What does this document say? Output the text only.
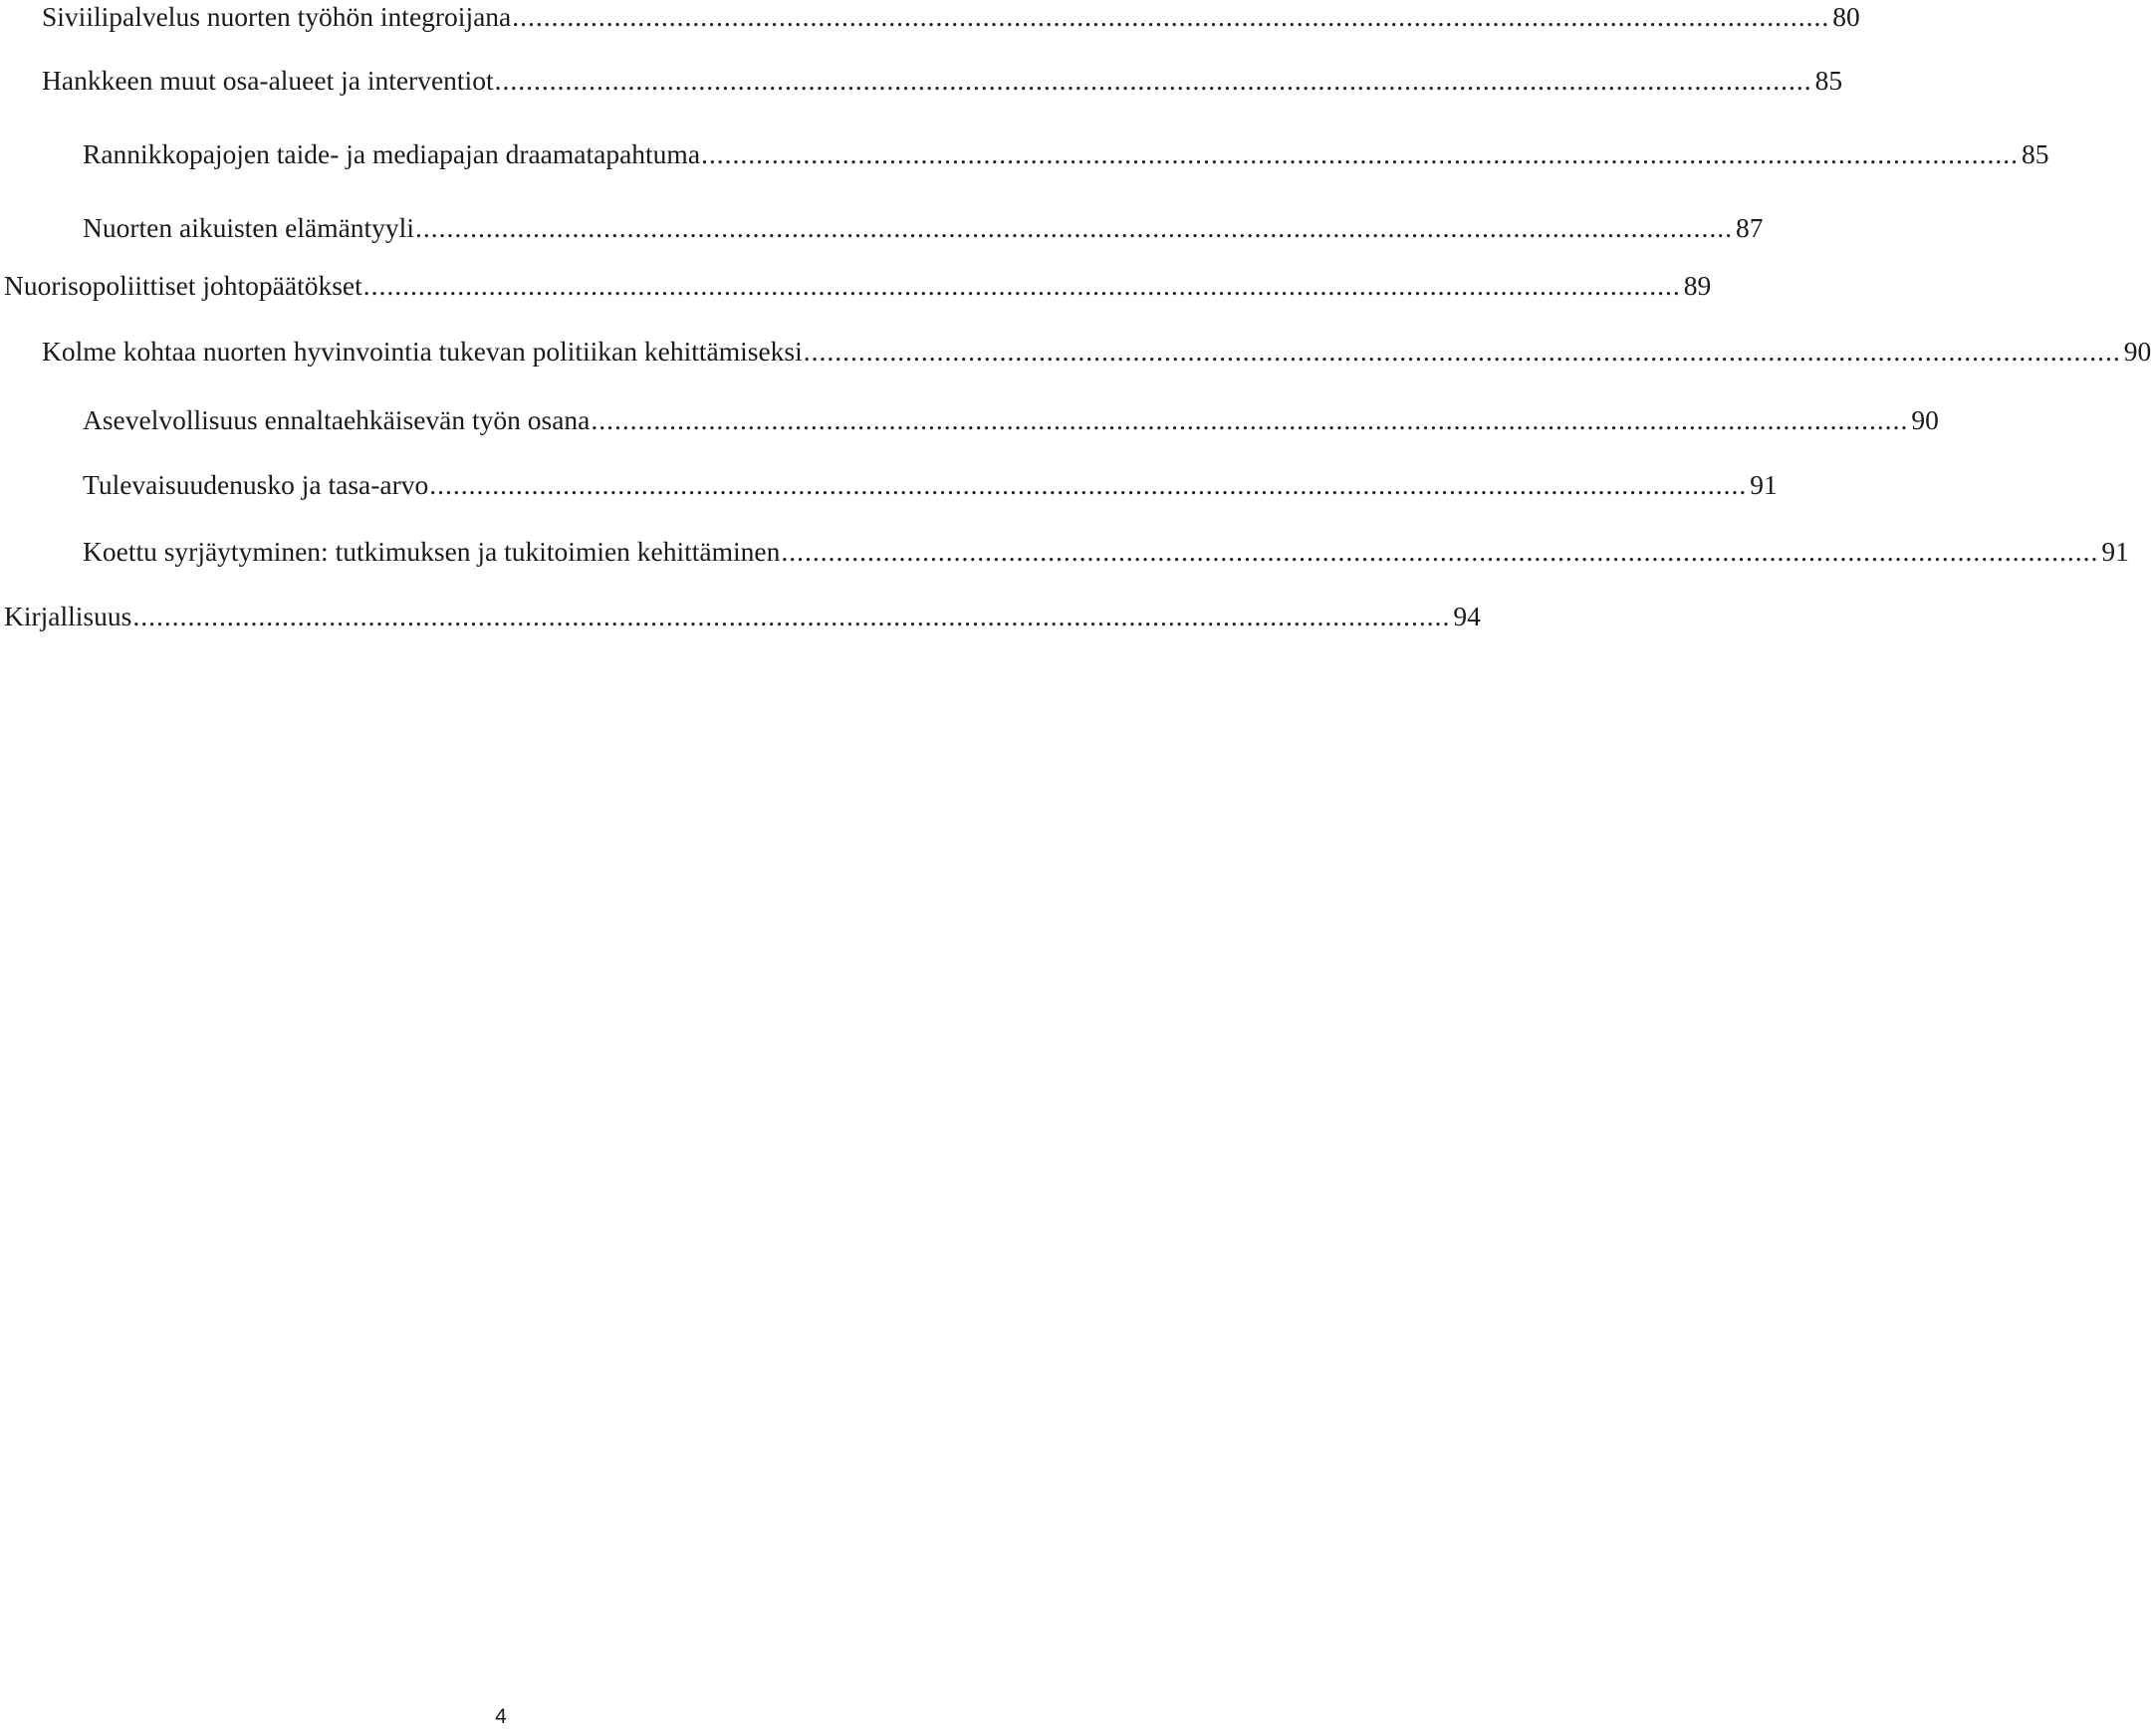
Siviilipalvelus nuorten työhön integroijana ........................................................................................................................................................................ 80
Hankkeen muut osa-alueet ja interventiot ........................................................................................................................................................................ 85
Rannikkopajojen taide- ja mediapajan draamatapahtuma ........................................................................................................................................................................ 85
Nuorten aikuisten elämäntyyli ........................................................................................................................................................................ 87
Nuorisopoliittiset johtopäätökset ........................................................................................................................................................................ 89
Kolme kohtaa nuorten hyvinvointia tukevan politiikan kehittämiseksi ........................................................................................................................................................................ 90
Asevelvollisuus ennaltaehkäisevän työn osana ........................................................................................................................................................................ 90
Tulevaisuudenusko ja tasa-arvo ........................................................................................................................................................................ 91
Koettu syrjäytyminen: tutkimuksen ja tukitoimien kehittäminen ........................................................................................................................................................................ 91
Kirjallisuus ........................................................................................................................................................................ 94
4
